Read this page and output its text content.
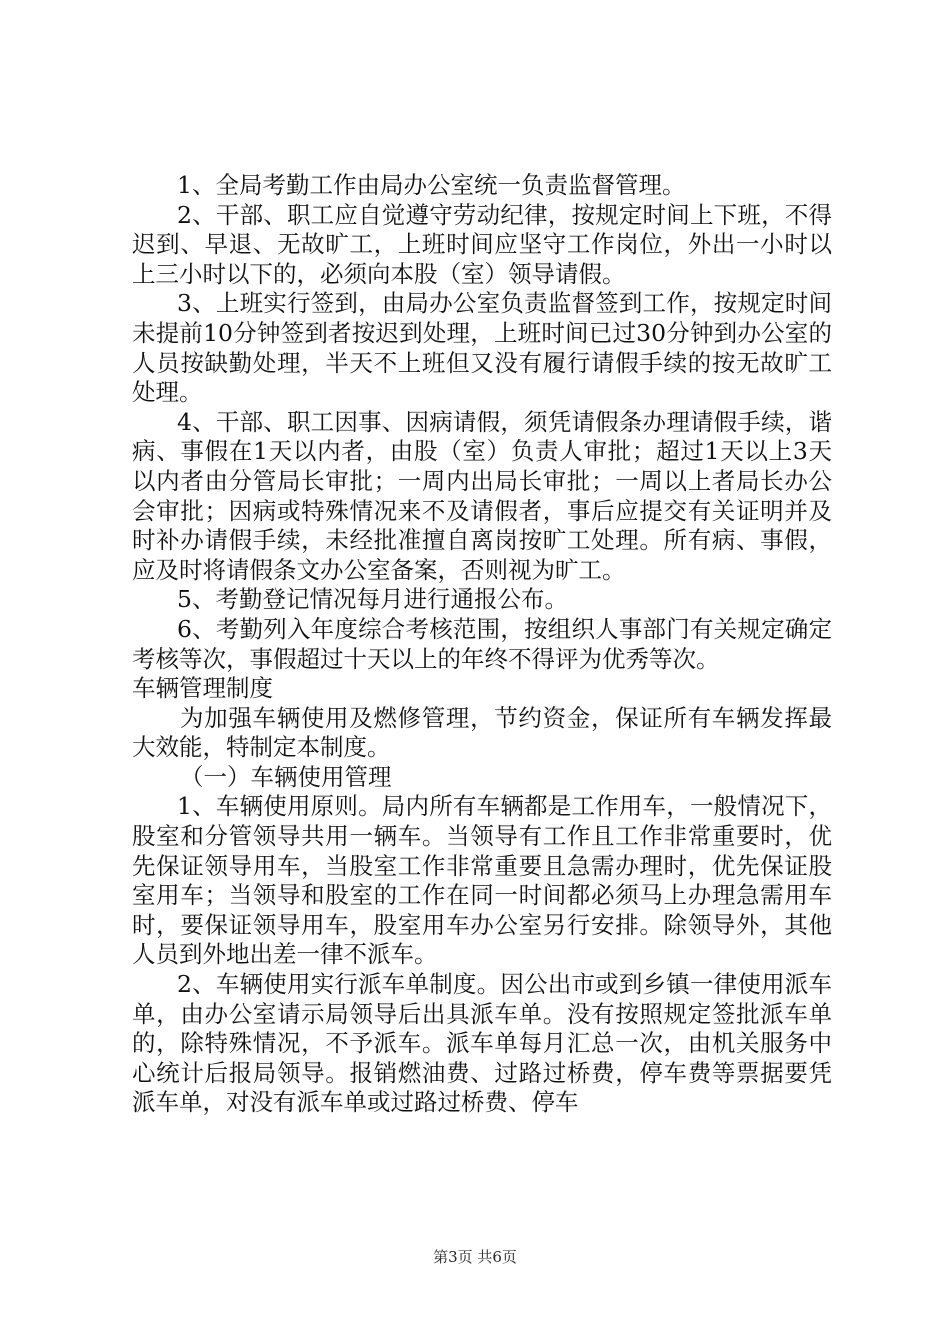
1、全局考勤工作由局办公室统一负责监督管理。

2、干部、职工应自觉遵守劳动纪律，按规定时间上下班，不得迟到、早退、无故旷工，上班时间应坚守工作岗位，外出一小时以上三小时以下的，必须向本股（室）领导请假。

3、上班实行签到，由局办公室负责监督签到工作，按规定时间未提前10分钟签到者按迟到处理，上班时间已过30分钟到办公室的人员按缺勤处理，半天不上班但又没有履行请假手续的按无故旷工处理。

4、干部、职工因事、因病请假，须凭请假条办理请假手续，谐病、事假在1天以内者，由股（室）负责人审批；超过1天以上3天以内者由分管局长审批；一周内出局长审批；一周以上者局长办公会审批；因病或特殊情况来不及请假者，事后应提交有关证明并及时补办请假手续，未经批准擅自离岗按旷工处理。所有病、事假，应及时将请假条文办公室备案，否则视为旷工。

5、考勤登记情况每月进行通报公布。

6、考勤列入年度综合考核范围，按组织人事部门有关规定确定考核等次，事假超过十天以上的年终不得评为优秀等次。

车辆管理制度

为加强车辆使用及燃修管理，节约资金，保证所有车辆发挥最大效能，特制定本制度。

（一）车辆使用管理

1、车辆使用原则。局内所有车辆都是工作用车，一般情况下，股室和分管领导共用一辆车。当领导有工作且工作非常重要时，优先保证领导用车，当股室工作非常重要且急需办理时，优先保证股室用车；当领导和股室的工作在同一时间都必须马上办理急需用车时，要保证领导用车，股室用车办公室另行安排。除领导外，其他人员到外地出差一律不派车。

2、车辆使用实行派车单制度。因公出市或到乡镇一律使用派车单，由办公室请示局领导后出具派车单。没有按照规定签批派车单的，除特殊情况，不予派车。派车单每月汇总一次，由机关服务中心统计后报局领导。报销燃油费、过路过桥费，停车费等票据要凭派车单，对没有派车单或过路过桥费、停车

第3页 共6页
